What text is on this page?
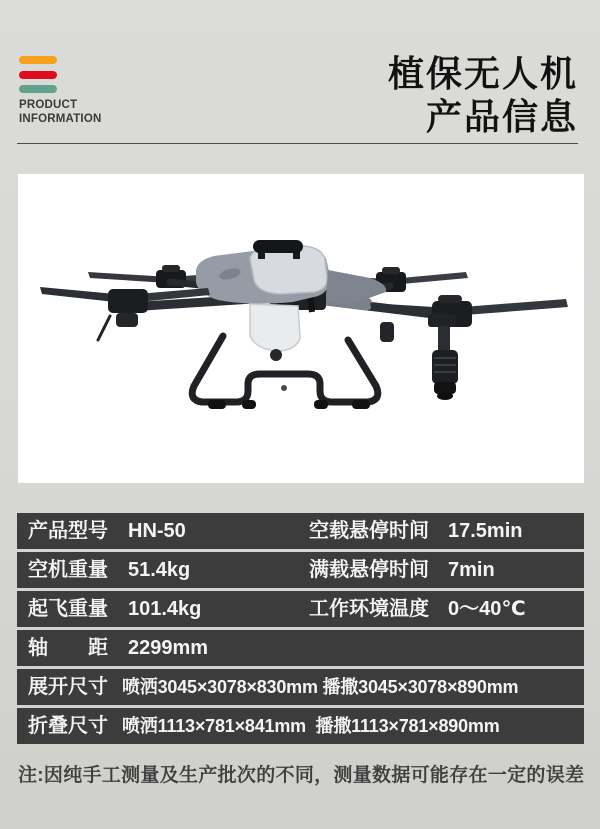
PRODUCT
INFORMATION
植保无人机
产品信息
产品型号 HN-50	空载悬停时间 17.5min
空机重量 51.4kg	满载悬停时间 7min
起飞重量 101.4kg	工作环境温度 0～40℃
轴　　距 2299mm
展开尺寸 喷洒3045×3078×830mm 播撒3045×3078×890mm
折叠尺寸 喷洒1113×781×841mm  播撒1113×781×890mm
注:因纯手工测量及生产批次的不同，测量数据可能存在一定的误差
